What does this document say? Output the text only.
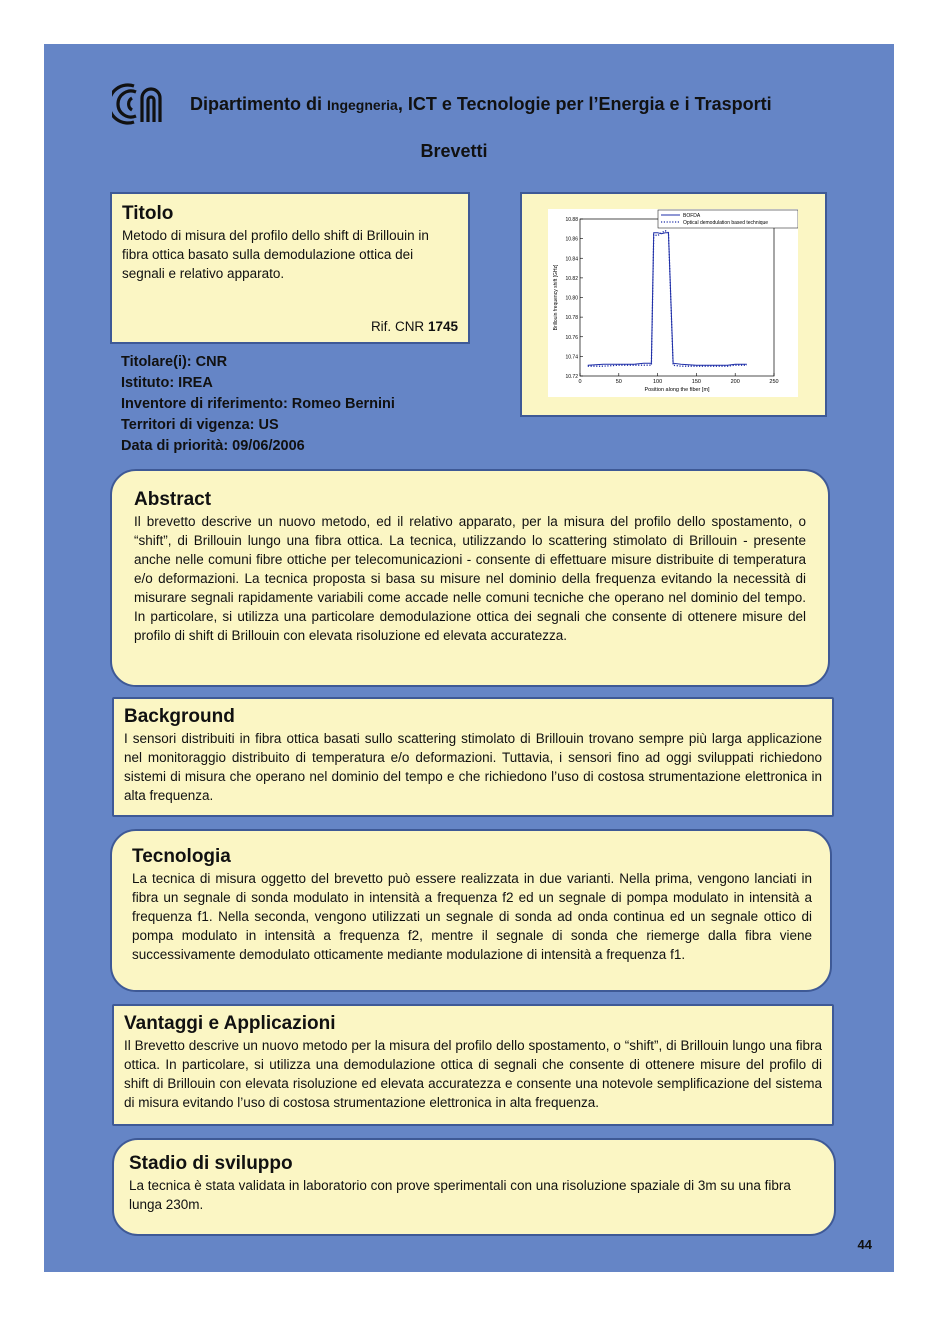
Dipartimento di Ingegneria, ICT e Tecnologie per l’Energia e i Trasporti
Brevetti
Titolo

Metodo di misura del profilo dello shift di Brillouin in fibra ottica basato sulla demodulazione ottica dei segnali e relativo apparato.

Rif. CNR 1745
0	50	100	150	200	250
10.72
10.74
10.76
10.78
10.80
10.82
10.84
10.86
10.88
Position along the fiber [m]
Brillouin frequency shift [GHz]
BOFDA
Optical demodulation based technique
Titolare(i): CNR
Istituto: IREA
Inventore di riferimento: Romeo Bernini
Territori di vigenza: US
Data di priorità: 09/06/2006
Abstract

Il brevetto descrive un nuovo metodo, ed il relativo apparato, per la misura del profilo dello spostamento, o “shift”, di Brillouin lungo una fibra ottica. La tecnica, utilizzando lo scattering stimolato di Brillouin - presente anche nelle comuni fibre ottiche per telecomunicazioni - consente di effettuare misure distribuite di temperatura e/o deformazioni. La tecnica proposta si basa su misure nel dominio della frequenza evitando la necessità di misurare segnali rapidamente variabili come accade nelle comuni tecniche che operano nel dominio del tempo. In particolare, si utilizza una particolare demodulazione ottica dei segnali che consente di ottenere misure del profilo di shift di Brillouin con elevata risoluzione ed elevata accuratezza.

Background

I sensori distribuiti in fibra ottica basati sullo scattering stimolato di Brillouin trovano sempre più larga applicazione nel monitoraggio distribuito di temperatura e/o deformazioni. Tuttavia, i sensori fino ad oggi sviluppati richiedono sistemi di misura che operano nel dominio del tempo e che richiedono l’uso di costosa strumentazione elettronica in alta frequenza.

Tecnologia

La tecnica di misura oggetto del brevetto può essere realizzata in due varianti. Nella prima, vengono lanciati in fibra un segnale di sonda modulato in intensità a frequenza f2 ed un segnale di pompa modulato in intensità a frequenza f1. Nella seconda, vengono utilizzati un segnale di sonda ad onda continua ed un segnale ottico di pompa modulato in intensità a frequenza f2, mentre il segnale di sonda che riemerge dalla fibra viene successivamente demodulato otticamente mediante modulazione di intensità a frequenza f1.

Vantaggi e Applicazioni

Il Brevetto descrive un nuovo metodo per la misura del profilo dello spostamento, o “shift”, di Brillouin lungo una fibra ottica. In particolare, si utilizza una demodulazione ottica di segnali che consente di ottenere misure del profilo di shift di Brillouin con elevata risoluzione ed elevata accuratezza e consente una notevole semplificazione del sistema di misura evitando l’uso di costosa strumentazione elettronica in alta frequenza.

Stadio di sviluppo

La tecnica è stata validata in laboratorio con prove sperimentali con una risoluzione spaziale di 3m su una fibra lunga 230m.

44
